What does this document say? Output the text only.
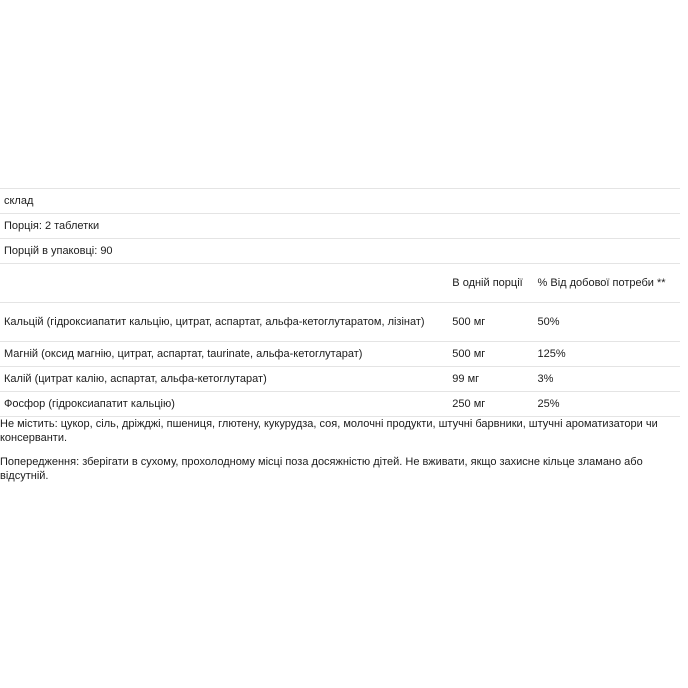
склад		
Порція: 2 таблетки		
Порцій в упаковці: 90		
	В одній порції	% Від добової потреби **
Кальцій (гідроксиапатит кальцію, цитрат, аспартат, альфа-кетоглутаратом, лізінат)	500 мг	50%
Магній (оксид магнію, цитрат, аспартат, taurinate, альфа-кетоглутарат)	500 мг	125%
Калій (цитрат калію, аспартат, альфа-кетоглутарат)	99 мг	3%
Фосфор (гідроксиапатит кальцію)	250 мг	25%

Не містить: цукор, сіль, дріжджі, пшениця, глютену, кукурудза, соя, молочні продукти, штучні барвники, штучні ароматизатори чи консерванти.

Попередження: зберігати в сухому, прохолодному місці поза досяжністю дітей. Не вживати, якщо захисне кільце зламано або відсутній.
